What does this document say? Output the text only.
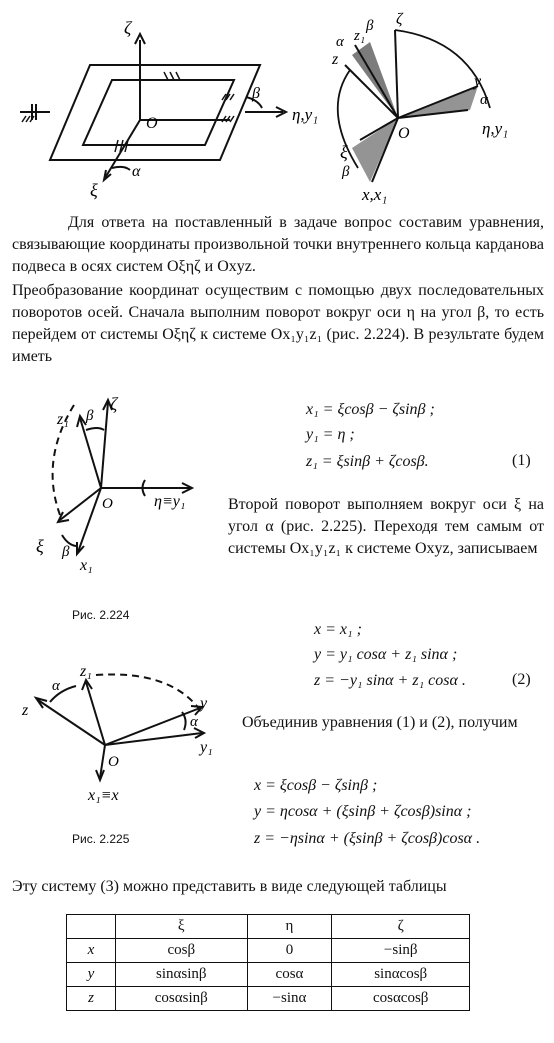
ζ
β
η,y₁
O
ξ
α
β ζ
α z₁
z
y
α
η,y₁
O
ξ
β
x,x₁
Для ответа на поставленный в задаче вопрос составим уравнения, связывающие координаты произвольной точки внутреннего кольца карданова подвеса в осях систем Oξηζ и Oxyz.
Преобразование координат осуществим с помощью двух последовательных поворотов осей. Сначала выполним поворот вокруг оси η на угол β, то есть перейдем от системы Oξηζ к системе Ox₁y₁z₁ (рис. 2.224). В результате будем иметь
z₁ β
ζ
O	η≡y₁
ξ β
x₁
x₁ = ξcosβ − ζsinβ ;
y₁ = η ;
z₁ = ξsinβ + ζcosβ.	(1)
Второй поворот выполняем вокруг оси ξ на угол α (рис. 2.225). Переходя тем самым от системы Ox₁y₁z₁ к системе Oxyz, записываем
Рис. 2.224
x = x₁ ;
y = y₁ cosα + z₁ sinα ;
z = −y₁ sinα + z₁ cosα .	(2)
z₁
α
z	y
α
y₁
O
x₁≡x
Объединив уравнения (1) и (2), получим
x = ξcosβ − ζsinβ ;
y = ηcosα + (ξsinβ + ζcosβ)sinα ;
z = −ηsinα + (ξsinβ + ζcosβ)cosα .
Рис. 2.225
Эту систему (3) можно представить в виде следующей таблицы
	ξ	η	ζ
x	cosβ	0	−sinβ
y	sinαsinβ	cosα	sinαcosβ
z	cosαsinβ	−sinα	cosαcosβ
